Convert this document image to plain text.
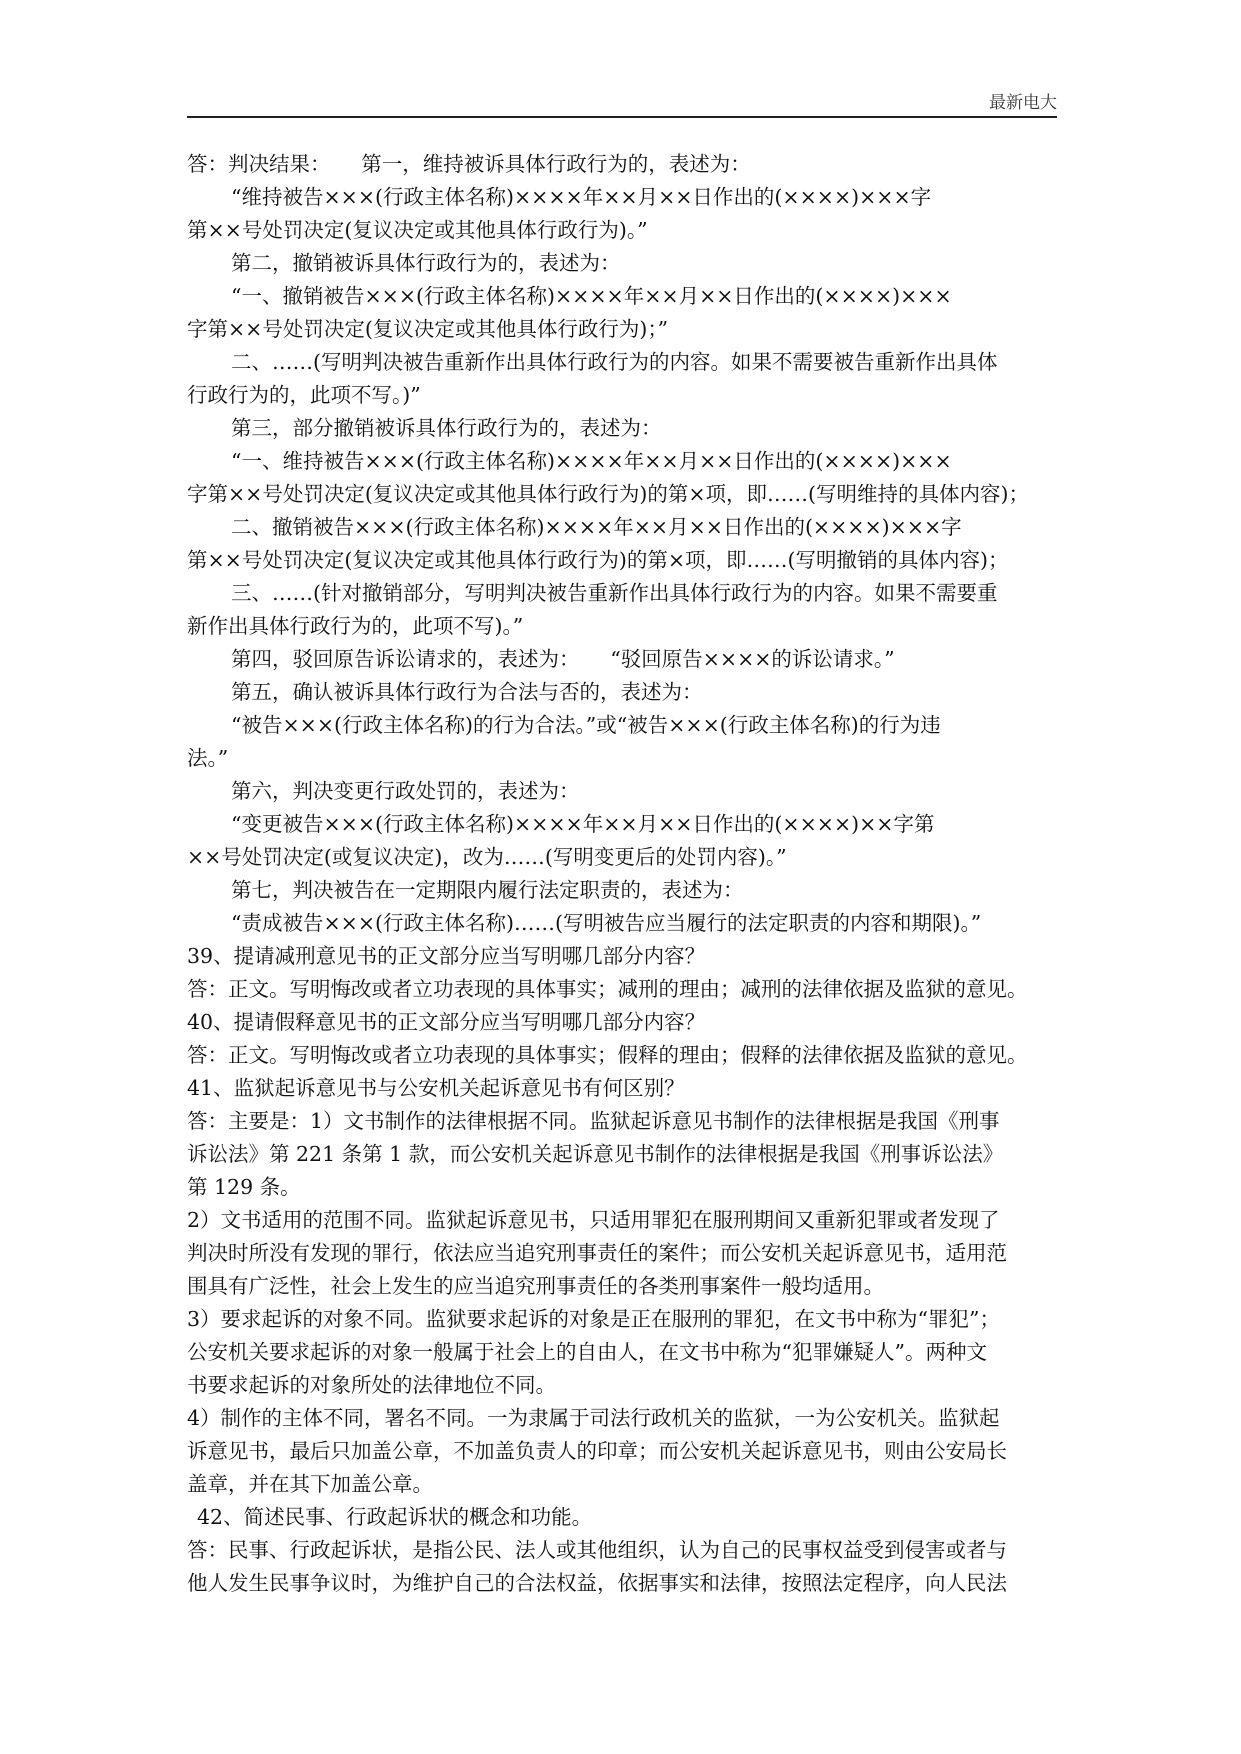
最新电大
答：判决结果：　　第一，维持被诉具体行政行为的，表述为：
“维持被告×××(行政主体名称)××××年××月××日作出的(××××)×××字
第××号处罚决定(复议决定或其他具体行政行为)。”
第二，撤销被诉具体行政行为的，表述为：
“一、撤销被告×××(行政主体名称)××××年××月××日作出的(××××)×××
字第××号处罚决定(复议决定或其他具体行政行为)；”
二、……(写明判决被告重新作出具体行政行为的内容。如果不需要被告重新作出具体
行政行为的，此项不写。)”
第三，部分撤销被诉具体行政行为的，表述为：
“一、维持被告×××(行政主体名称)××××年××月××日作出的(××××)×××
字第××号处罚决定(复议决定或其他具体行政行为)的第×项，即……(写明维持的具体内容)；
二、撤销被告×××(行政主体名称)××××年××月××日作出的(××××)×××字
第××号处罚决定(复议决定或其他具体行政行为)的第×项，即……(写明撤销的具体内容)；
三、……(针对撤销部分，写明判决被告重新作出具体行政行为的内容。如果不需要重
新作出具体行政行为的，此项不写)。”
第四，驳回原告诉讼请求的，表述为：　　“驳回原告××××的诉讼请求。”
第五，确认被诉具体行政行为合法与否的，表述为：
“被告×××(行政主体名称)的行为合法。”或“被告×××(行政主体名称)的行为违
法。”
第六，判决变更行政处罚的，表述为：
“变更被告×××(行政主体名称)××××年××月××日作出的(××××)××字第
××号处罚决定(或复议决定)，改为……(写明变更后的处罚内容)。”
第七，判决被告在一定期限内履行法定职责的，表述为：
“责成被告×××(行政主体名称)……(写明被告应当履行的法定职责的内容和期限)。”
39、提请减刑意见书的正文部分应当写明哪几部分内容？
答：正文。写明悔改或者立功表现的具体事实；减刑的理由；减刑的法律依据及监狱的意见。
40、提请假释意见书的正文部分应当写明哪几部分内容？
答：正文。写明悔改或者立功表现的具体事实；假释的理由；假释的法律依据及监狱的意见。
41、监狱起诉意见书与公安机关起诉意见书有何区别？
答：主要是：1）文书制作的法律根据不同。监狱起诉意见书制作的法律根据是我国《刑事
诉讼法》第 221 条第 1 款，而公安机关起诉意见书制作的法律根据是我国《刑事诉讼法》
第 129 条。
2）文书适用的范围不同。监狱起诉意见书，只适用罪犯在服刑期间又重新犯罪或者发现了
判决时所没有发现的罪行，依法应当追究刑事责任的案件；而公安机关起诉意见书，适用范
围具有广泛性，社会上发生的应当追究刑事责任的各类刑事案件一般均适用。
3）要求起诉的对象不同。监狱要求起诉的对象是正在服刑的罪犯，在文书中称为“罪犯”；
公安机关要求起诉的对象一般属于社会上的自由人，在文书中称为“犯罪嫌疑人”。两种文
书要求起诉的对象所处的法律地位不同。
4）制作的主体不同，署名不同。一为隶属于司法行政机关的监狱，一为公安机关。监狱起
诉意见书，最后只加盖公章，不加盖负责人的印章；而公安机关起诉意见书，则由公安局长
盖章，并在其下加盖公章。
42、简述民事、行政起诉状的概念和功能。
答：民事、行政起诉状，是指公民、法人或其他组织，认为自己的民事权益受到侵害或者与
他人发生民事争议时，为维护自己的合法权益，依据事实和法律，按照法定程序，向人民法
